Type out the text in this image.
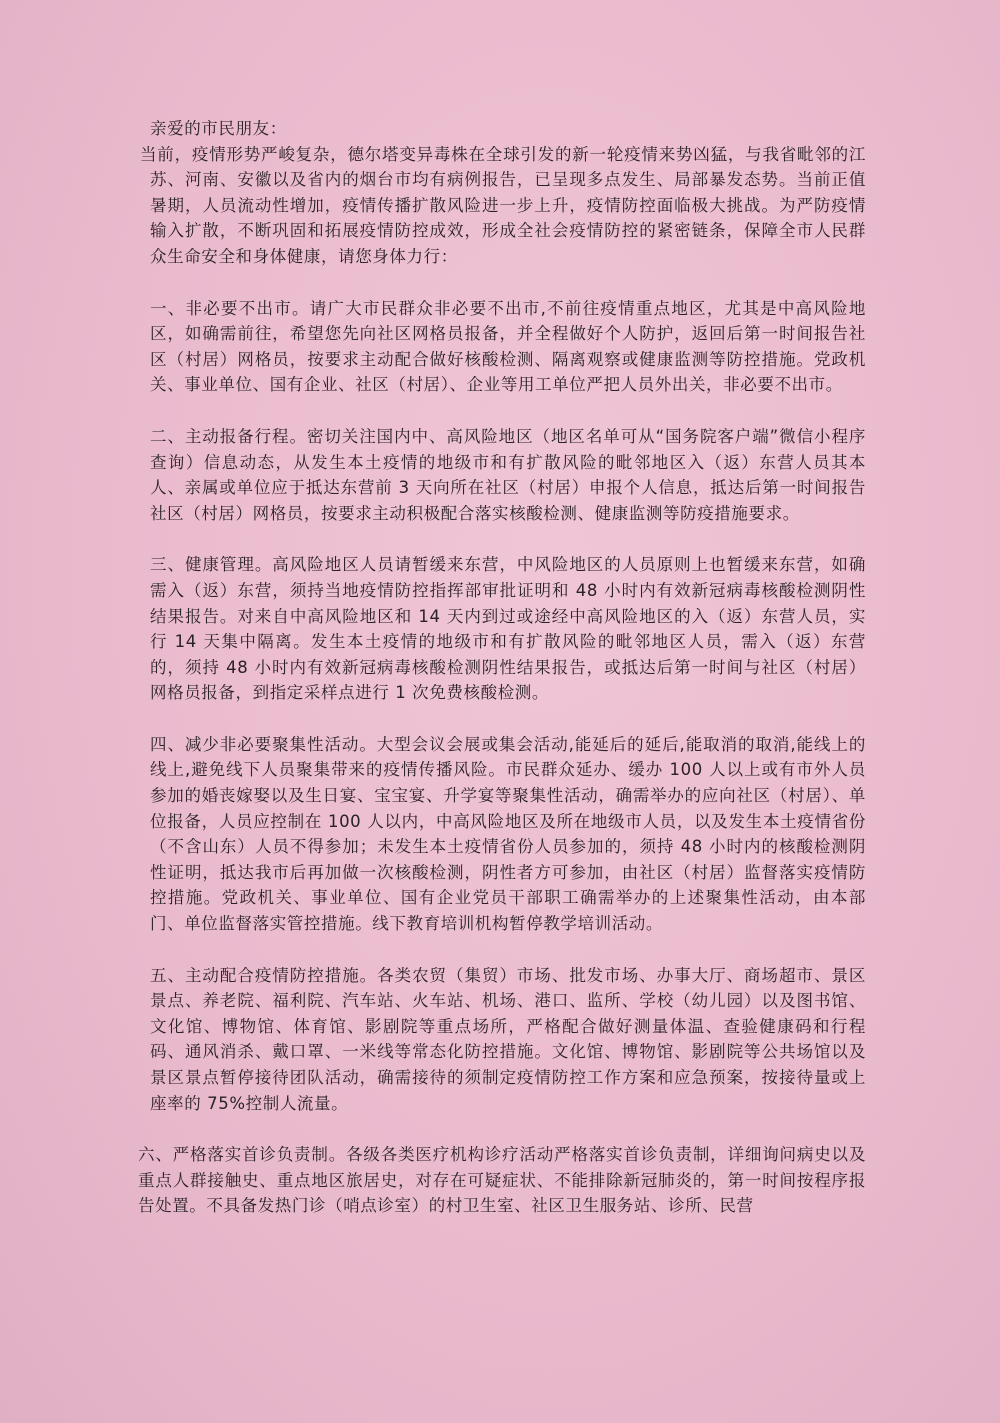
亲爱的市民朋友：

当前，疫情形势严峻复杂，德尔塔变异毒株在全球引发的新一轮疫情来势凶猛，与我省毗邻的江苏、河南、安徽以及省内的烟台市均有病例报告，已呈现多点发生、局部暴发态势。当前正值暑期，人员流动性增加，疫情传播扩散风险进一步上升，疫情防控面临极大挑战。为严防疫情输入扩散，不断巩固和拓展疫情防控成效，形成全社会疫情防控的紧密链条，保障全市人民群众生命安全和身体健康，请您身体力行：

一、非必要不出市。请广大市民群众非必要不出市,不前往疫情重点地区，尤其是中高风险地区，如确需前往，希望您先向社区网格员报备，并全程做好个人防护，返回后第一时间报告社区（村居）网格员，按要求主动配合做好核酸检测、隔离观察或健康监测等防控措施。党政机关、事业单位、国有企业、社区（村居）、企业等用工单位严把人员外出关，非必要不出市。

二、主动报备行程。密切关注国内中、高风险地区（地区名单可从“国务院客户端”微信小程序查询）信息动态，从发生本土疫情的地级市和有扩散风险的毗邻地区入（返）东营人员其本人、亲属或单位应于抵达东营前 3 天向所在社区（村居）申报个人信息，抵达后第一时间报告社区（村居）网格员，按要求主动积极配合落实核酸检测、健康监测等防疫措施要求。

三、健康管理。高风险地区人员请暂缓来东营，中风险地区的人员原则上也暂缓来东营，如确需入（返）东营，须持当地疫情防控指挥部审批证明和 48 小时内有效新冠病毒核酸检测阴性结果报告。对来自中高风险地区和 14 天内到过或途经中高风险地区的入（返）东营人员，实行 14 天集中隔离。发生本土疫情的地级市和有扩散风险的毗邻地区人员，需入（返）东营的，须持 48 小时内有效新冠病毒核酸检测阴性结果报告，或抵达后第一时间与社区（村居）网格员报备，到指定采样点进行 1 次免费核酸检测。

四、减少非必要聚集性活动。大型会议会展或集会活动,能延后的延后,能取消的取消,能线上的线上,避免线下人员聚集带来的疫情传播风险。市民群众延办、缓办 100 人以上或有市外人员参加的婚丧嫁娶以及生日宴、宝宝宴、升学宴等聚集性活动，确需举办的应向社区（村居）、单位报备，人员应控制在 100 人以内，中高风险地区及所在地级市人员，以及发生本土疫情省份（不含山东）人员不得参加；未发生本土疫情省份人员参加的，须持 48 小时内的核酸检测阴性证明，抵达我市后再加做一次核酸检测，阴性者方可参加，由社区（村居）监督落实疫情防控措施。党政机关、事业单位、国有企业党员干部职工确需举办的上述聚集性活动，由本部门、单位监督落实管控措施。线下教育培训机构暂停教学培训活动。

五、主动配合疫情防控措施。各类农贸（集贸）市场、批发市场、办事大厅、商场超市、景区景点、养老院、福利院、汽车站、火车站、机场、港口、监所、学校（幼儿园）以及图书馆、文化馆、博物馆、体育馆、影剧院等重点场所，严格配合做好测量体温、查验健康码和行程码、通风消杀、戴口罩、一米线等常态化防控措施。文化馆、博物馆、影剧院等公共场馆以及景区景点暂停接待团队活动，确需接待的须制定疫情防控工作方案和应急预案，按接待量或上座率的 75%控制人流量。

六、严格落实首诊负责制。各级各类医疗机构诊疗活动严格落实首诊负责制，详细询问病史以及重点人群接触史、重点地区旅居史，对存在可疑症状、不能排除新冠肺炎的，第一时间按程序报告处置。不具备发热门诊（哨点诊室）的村卫生室、社区卫生服务站、诊所、民营
